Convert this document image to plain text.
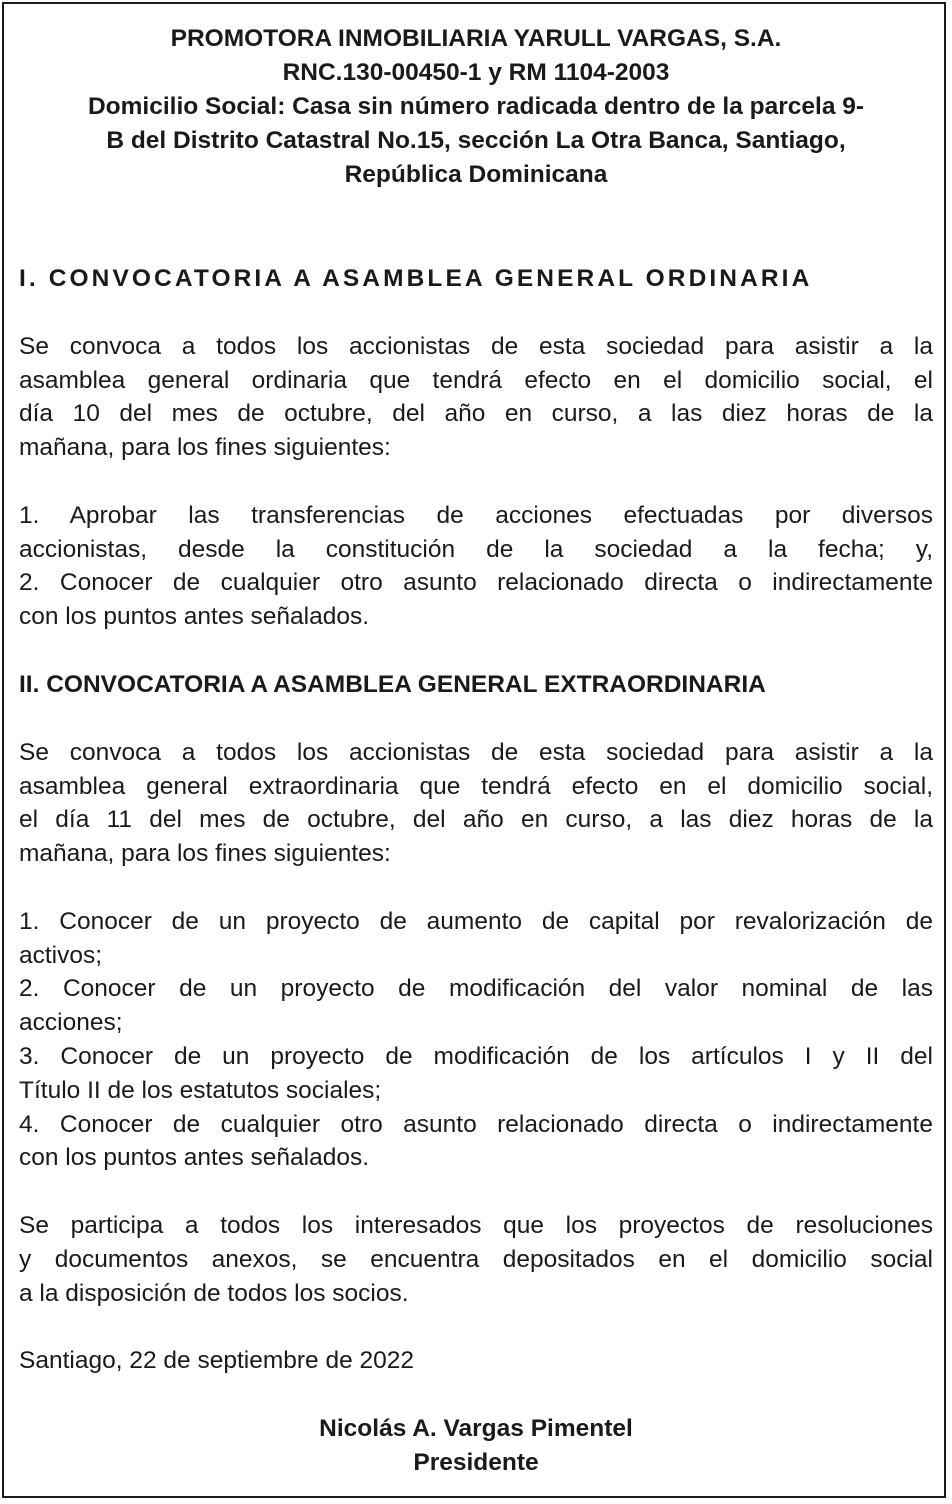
PROMOTORA INMOBILIARIA YARULL VARGAS, S.A.
RNC.130-00450-1 y RM 1104-2003
Domicilio Social: Casa sin número radicada dentro de la parcela 9-
B del Distrito Catastral No.15, sección La Otra Banca, Santiago,
República Dominicana
I. CONVOCATORIA A ASAMBLEA GENERAL ORDINARIA
Se convoca a todos los accionistas de esta sociedad para asistir a la
asamblea general ordinaria que tendrá efecto en el domicilio social, el
día 10 del mes de octubre, del año en curso, a las diez horas de la
mañana, para los fines siguientes:
1. Aprobar las transferencias de acciones efectuadas por diversos
accionistas, desde la constitución de la sociedad a la fecha; y,
2. Conocer de cualquier otro asunto relacionado directa o indirectamente
con los puntos antes señalados.
II. CONVOCATORIA A ASAMBLEA GENERAL EXTRAORDINARIA
Se convoca a todos los accionistas de esta sociedad para asistir a la
asamblea general extraordinaria que tendrá efecto en el domicilio social,
el día 11 del mes de octubre, del año en curso, a las diez horas de la
mañana, para los fines siguientes:
1. Conocer de un proyecto de aumento de capital por revalorización de
activos;
2. Conocer de un proyecto de modificación del valor nominal de las
acciones;
3. Conocer de un proyecto de modificación de los artículos I y II del
Título II de los estatutos sociales;
4. Conocer de cualquier otro asunto relacionado directa o indirectamente
con los puntos antes señalados.
Se participa a todos los interesados que los proyectos de resoluciones
y documentos anexos, se encuentra depositados en el domicilio social
a la disposición de todos los socios.
Santiago, 22 de septiembre de 2022
Nicolás A. Vargas Pimentel
Presidente
